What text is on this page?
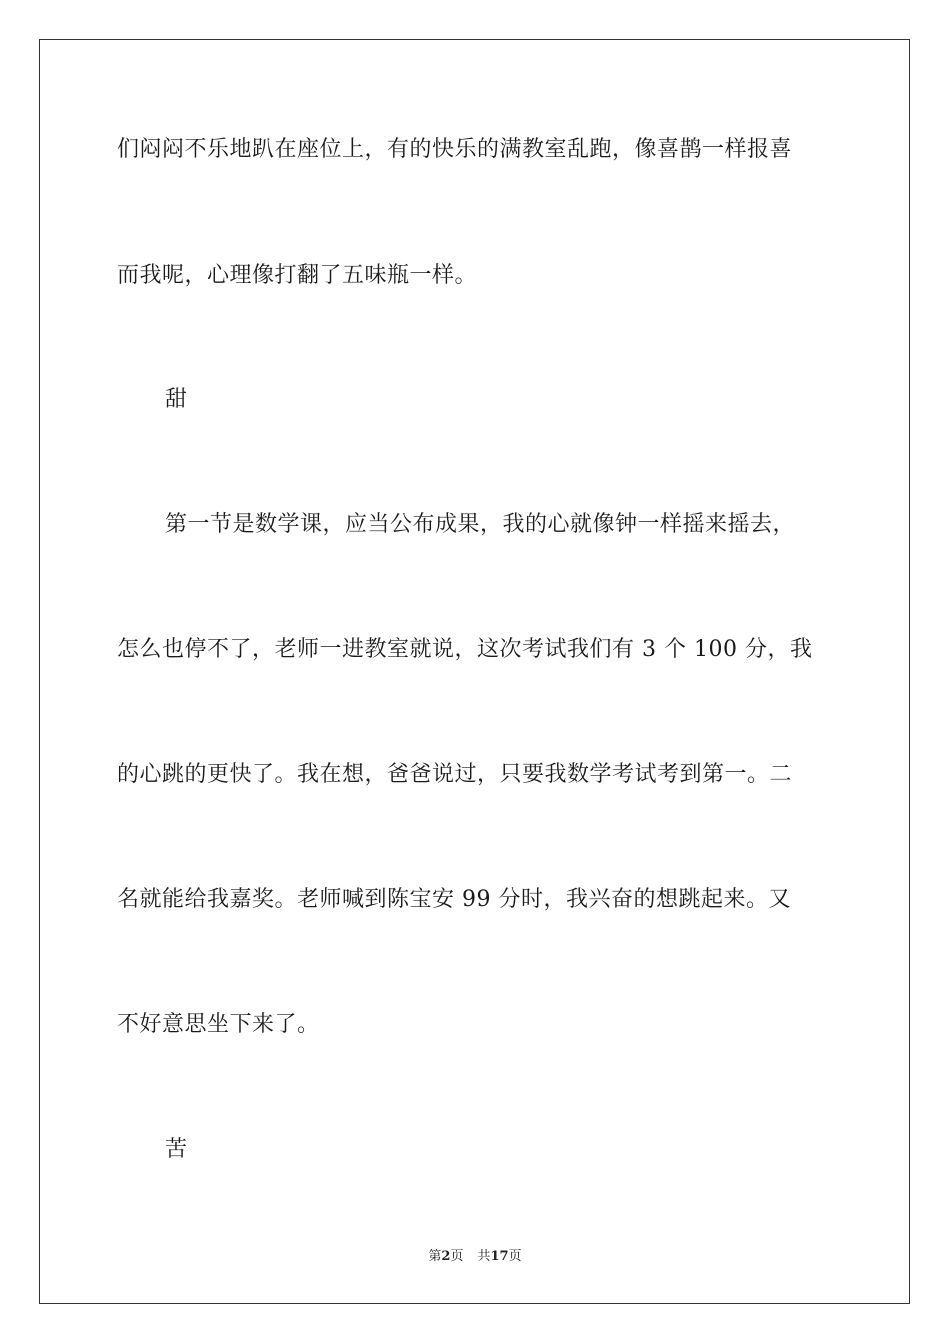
们闷闷不乐地趴在座位上，有的快乐的满教室乱跑，像喜鹊一样报喜
而我呢，心理像打翻了五味瓶一样。
甜
第一节是数学课，应当公布成果，我的心就像钟一样摇来摇去，
怎么也停不了，老师一进教室就说，这次考试我们有 3 个 100 分，我
的心跳的更快了。我在想，爸爸说过，只要我数学考试考到第一。二
名就能给我嘉奖。老师喊到陈宝安 99 分时，我兴奋的想跳起来。又
不好意思坐下来了。
苦
第2页 共17页
